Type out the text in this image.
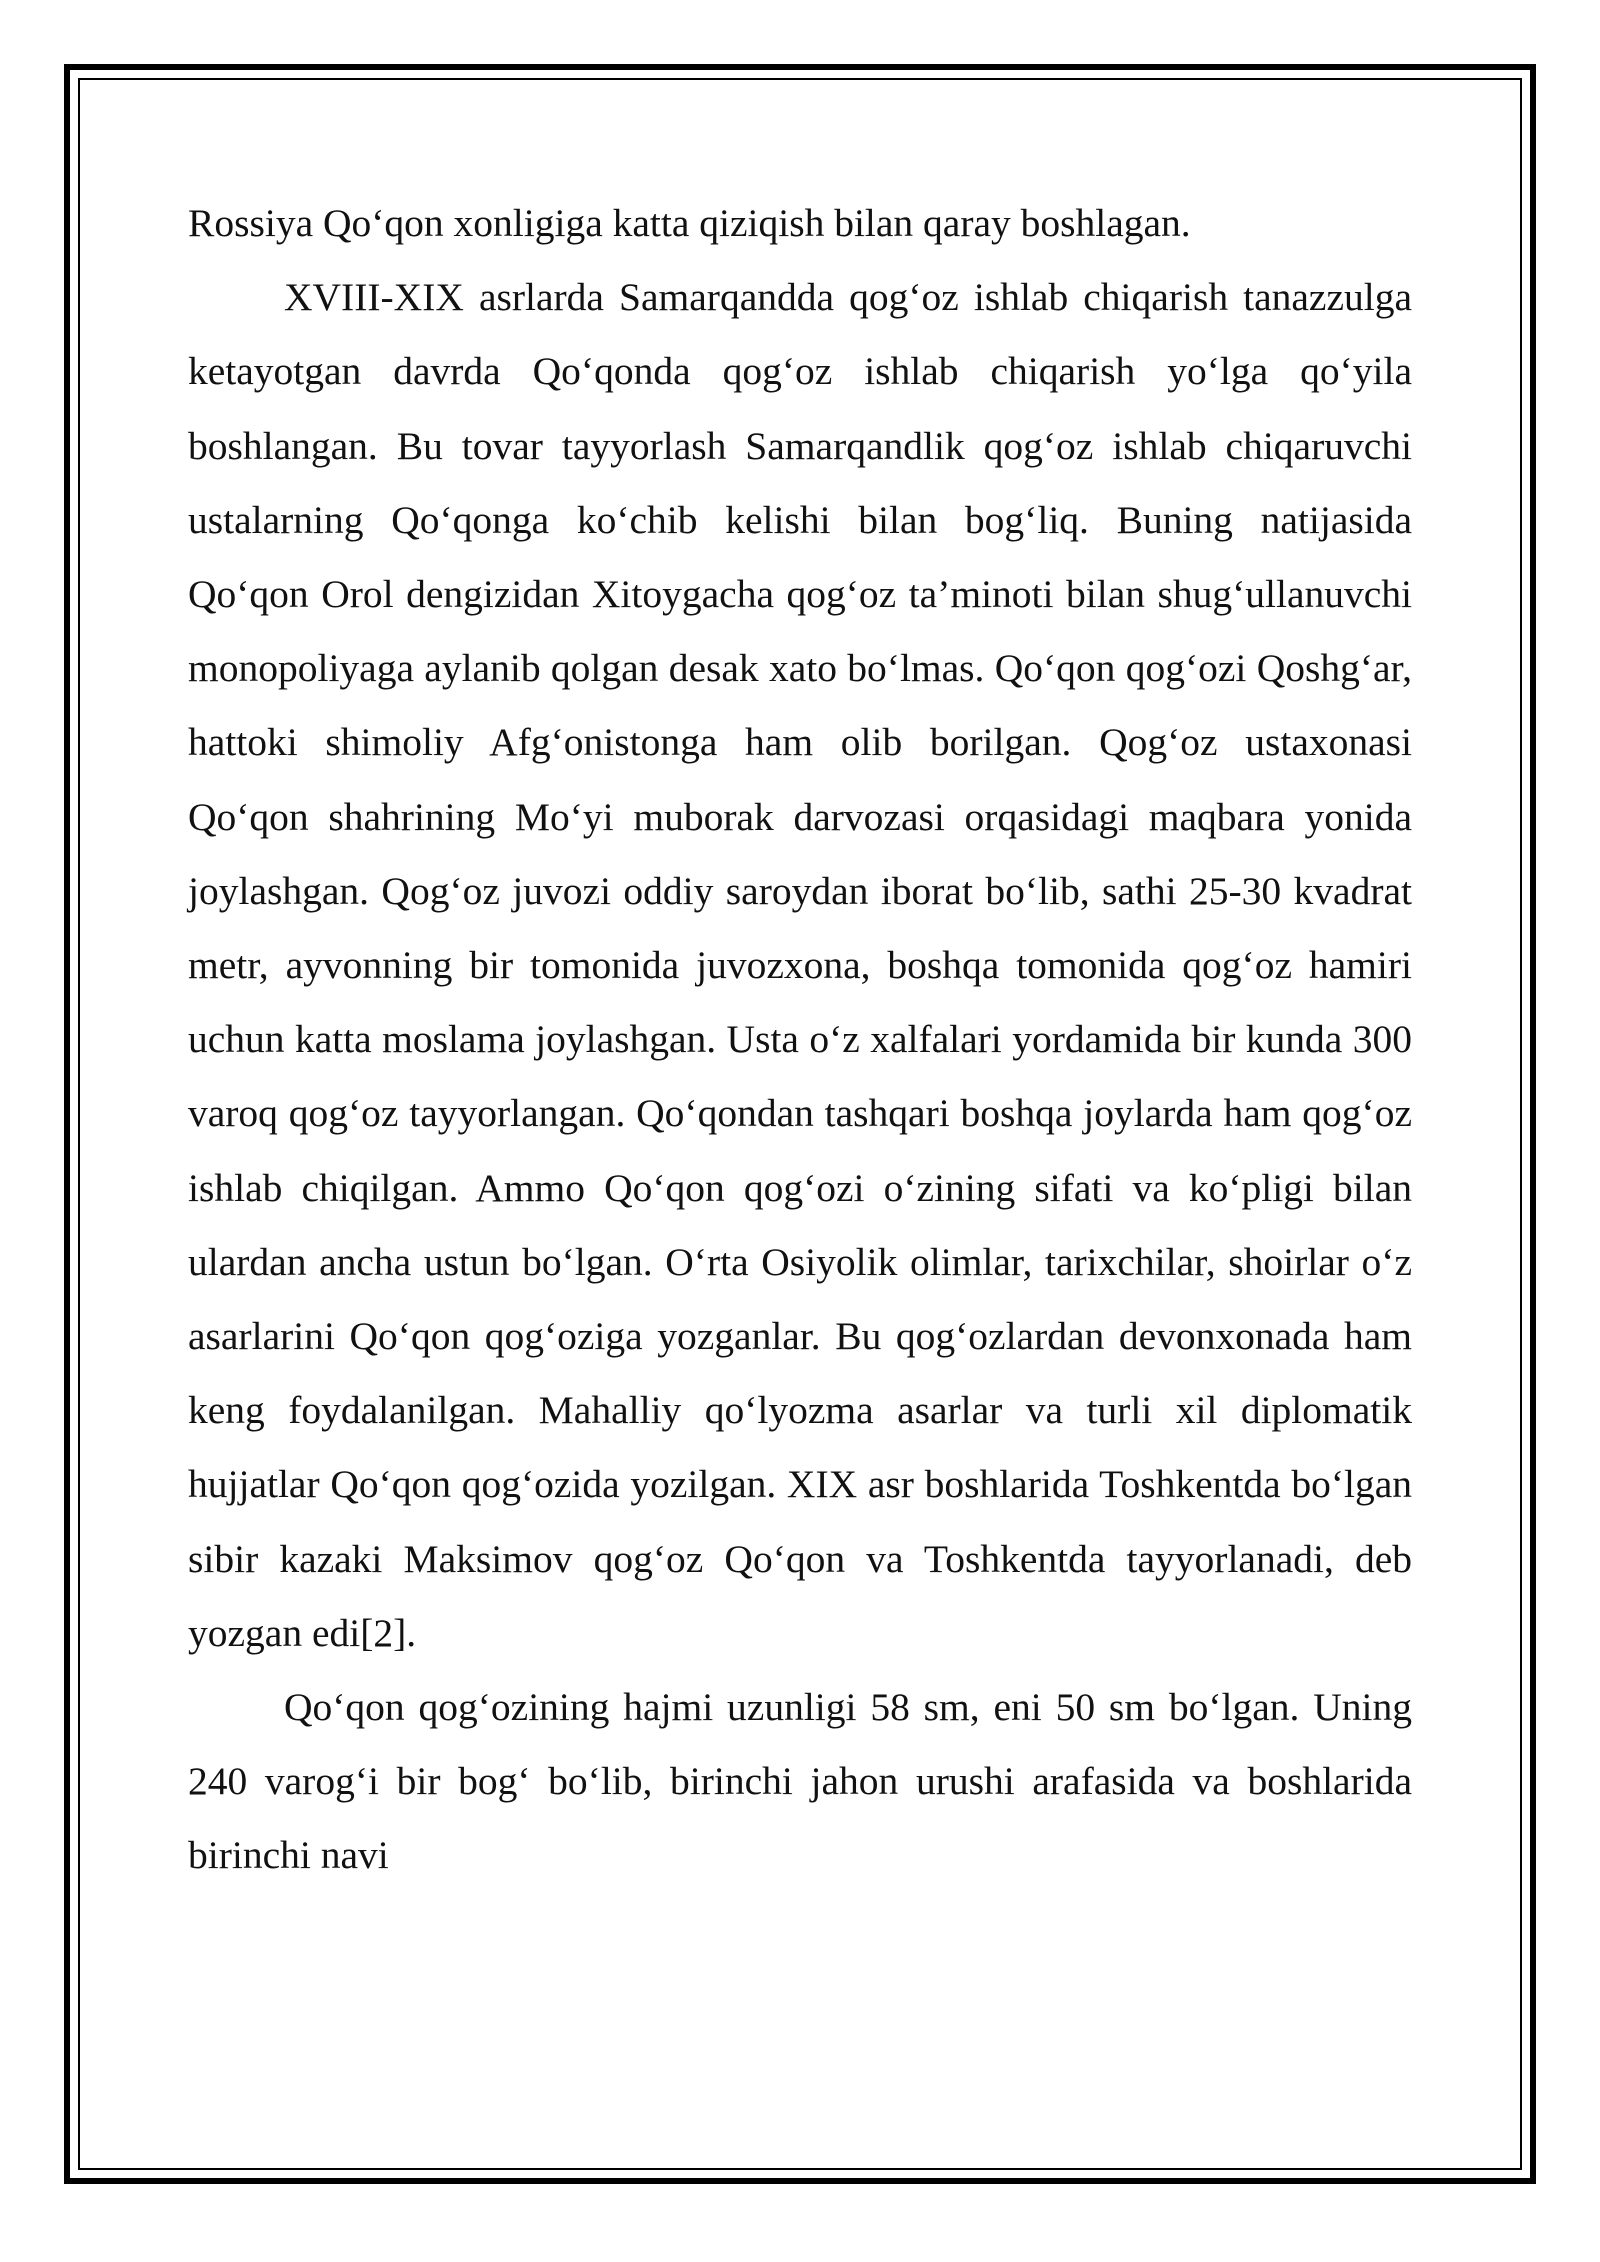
Rossiya Qo‘qon xonligiga katta qiziqish bilan qaray boshlagan.

XVIII-XIX asrlarda Samarqandda qog‘oz ishlab chiqarish tanazzulga ketayotgan davrda Qo‘qonda qog‘oz ishlab chiqarish yo‘lga qo‘yila boshlangan. Bu tovar tayyorlash Samarqandlik qog‘oz ishlab chiqaruvchi ustalarning Qo‘qonga ko‘chib kelishi bilan bog‘liq. Buning natijasida Qo‘qon Orol dengizidan Xitoygacha qog‘oz ta’minoti bilan shug‘ullanuvchi monopoliyaga aylanib qolgan desak xato bo‘lmas. Qo‘qon qog‘ozi Qoshg‘ar, hattoki shimoliy Afg‘onistonga ham olib borilgan. Qog‘oz ustaxonasi Qo‘qon shahrining Mo‘yi muborak darvozasi orqasidagi maqbara yonida joylashgan. Qog‘oz juvozi oddiy saroydan iborat bo‘lib, sathi 25-30 kvadrat metr, ayvonning bir tomonida juvozxona, boshqa tomonida qog‘oz hamiri uchun katta moslama joylashgan. Usta o‘z xalfalari yordamida bir kunda 300 varoq qog‘oz tayyorlangan. Qo‘qondan tashqari boshqa joylarda ham qog‘oz ishlab chiqilgan. Ammo Qo‘qon qog‘ozi o‘zining sifati va ko‘pligi bilan ulardan ancha ustun bo‘lgan. O‘rta Osiyolik olimlar, tarixchilar, shoirlar o‘z asarlarini Qo‘qon qog‘oziga yozganlar. Bu qog‘ozlardan devonxonada ham keng foydalanilgan. Mahalliy qo‘lyozma asarlar va turli xil diplomatik hujjatlar Qo‘qon qog‘ozida yozilgan. XIX asr boshlarida Toshkentda bo‘lgan sibir kazaki Maksimov qog‘oz Qo‘qon va Toshkentda tayyorlanadi, deb yozgan edi[2].

Qo‘qon qog‘ozining hajmi uzunligi 58 sm, eni 50 sm bo‘lgan. Uning 240 varog‘i bir bog‘ bo‘lib, birinchi jahon urushi arafasida va boshlarida birinchi navi
